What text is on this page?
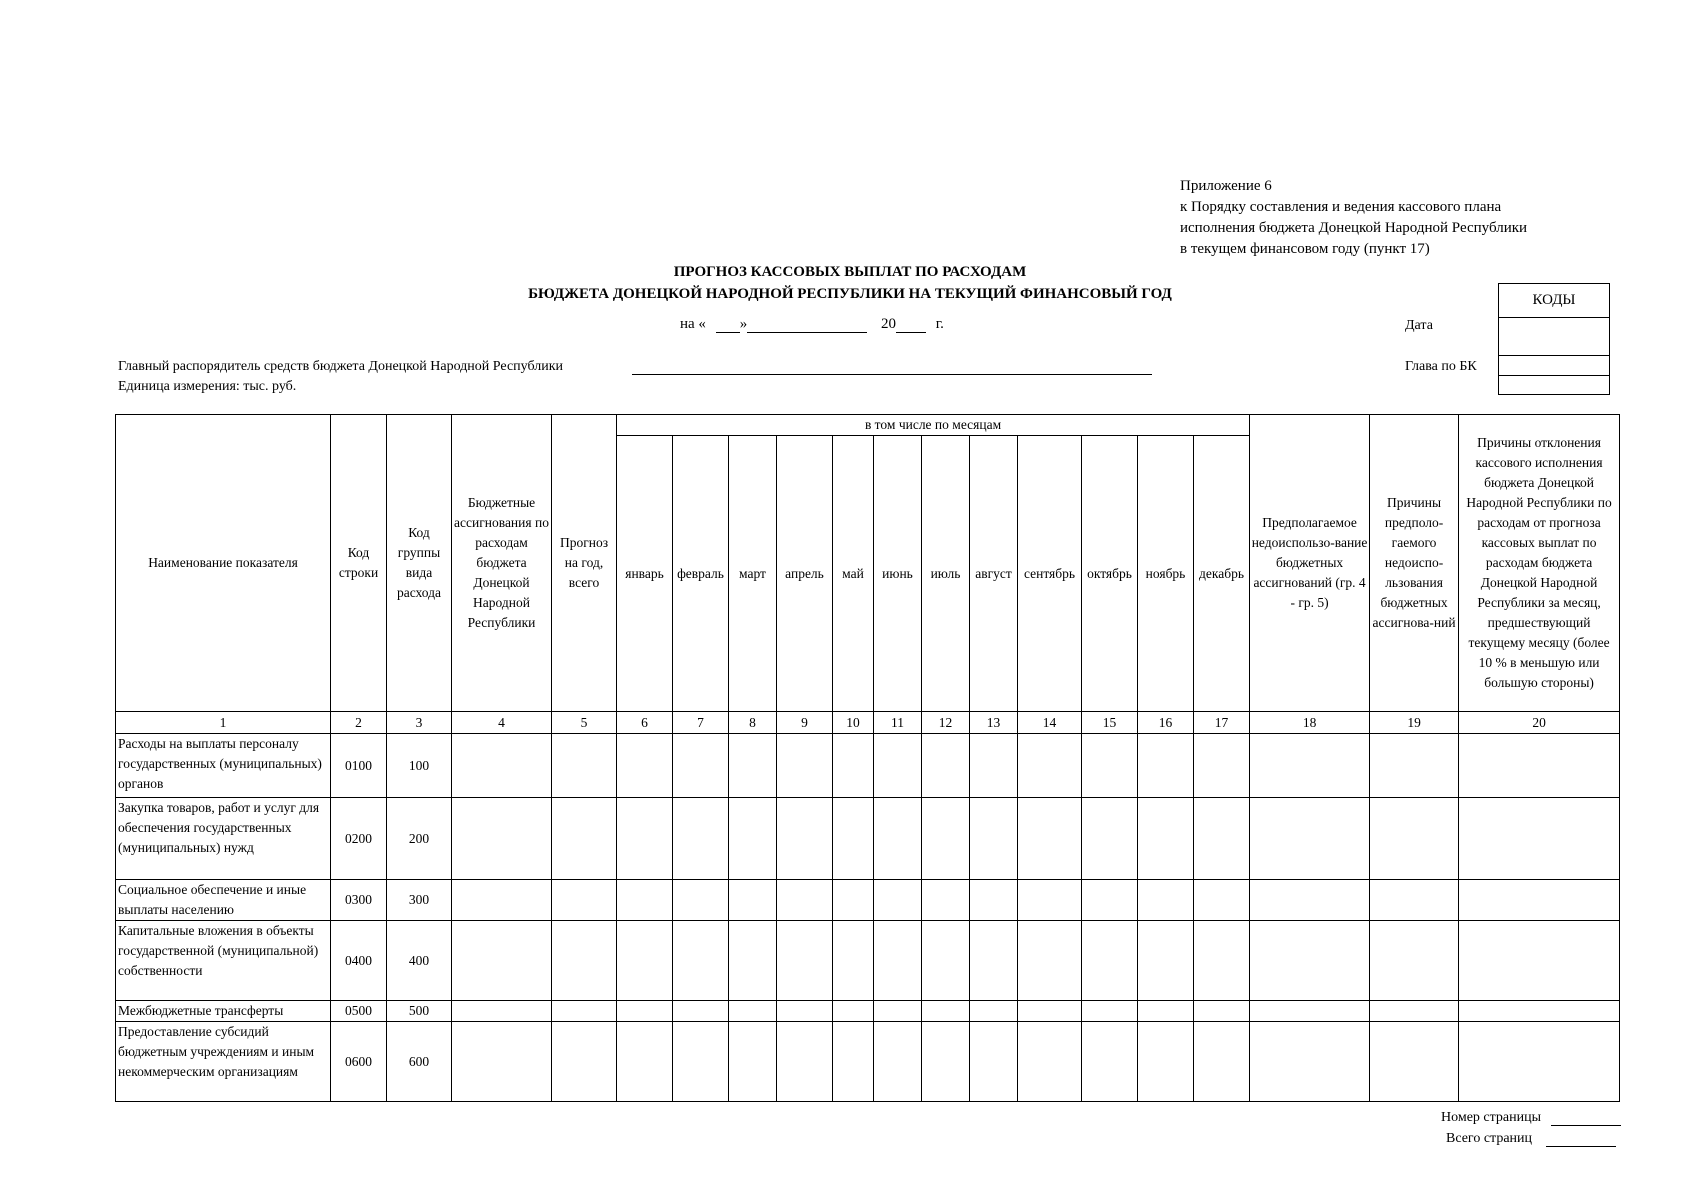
Приложение 6
к Порядку составления и ведения кассового плана
исполнения бюджета Донецкой Народной Республики
в текущем финансовом году (пункт 17)
ПРОГНОЗ КАССОВЫХ ВЫПЛАТ ПО РАСХОДАМ
БЮДЖЕТА ДОНЕЦКОЙ НАРОДНОЙ РЕСПУБЛИКИ НА ТЕКУЩИЙ ФИНАНСОВЫЙ ГОД
на « »	20	г.
КОДЫ

Дата
Глава по БК
Главный распорядитель средств бюджета Донецкой Народной Республики
Единица измерения: тыс. руб.
Наименование показателя	Код строки	Код группы вида расхода	Бюджетные ассигнования по расходам бюджета Донецкой Народной Республики	Прогноз на год, всего	в том числе по месяцам												Предполагаемое недоиспользо-вание бюджетных ассигнований (гр. 4 - гр. 5)	Причины предполо-гаемого недоиспо-льзования бюджетных ассигнова-ний	Причины отклонения кассового исполнения бюджета Донецкой Народной Республики по расходам от прогноза кассовых выплат по расходам бюджета Донецкой Народной Республики за месяц, предшествующий текущему месяцу (более 10 % в меньшую или большую стороны)
					январь	февраль	март	апрель	май	июнь	июль	август	сентябрь	октябрь	ноябрь	декабрь			
1	2	3	4	5	6	7	8	9	10	11	12	13	14	15	16	17	18	19	20
Расходы на выплаты персоналу государственных (муниципальных) органов	0100	100																	
Закупка товаров, работ и услуг для обеспечения государственных (муниципальных) нужд	0200	200																	
Социальное обеспечение и иные выплаты населению	0300	300																	
Капитальные вложения в объекты государственной (муниципальной) собственности	0400	400																	
Межбюджетные трансферты	0500	500																	
Предоставление субсидий бюджетным учреждениям и иным некоммерческим организациям	0600	600																	
Номер страницы
Всего страниц
